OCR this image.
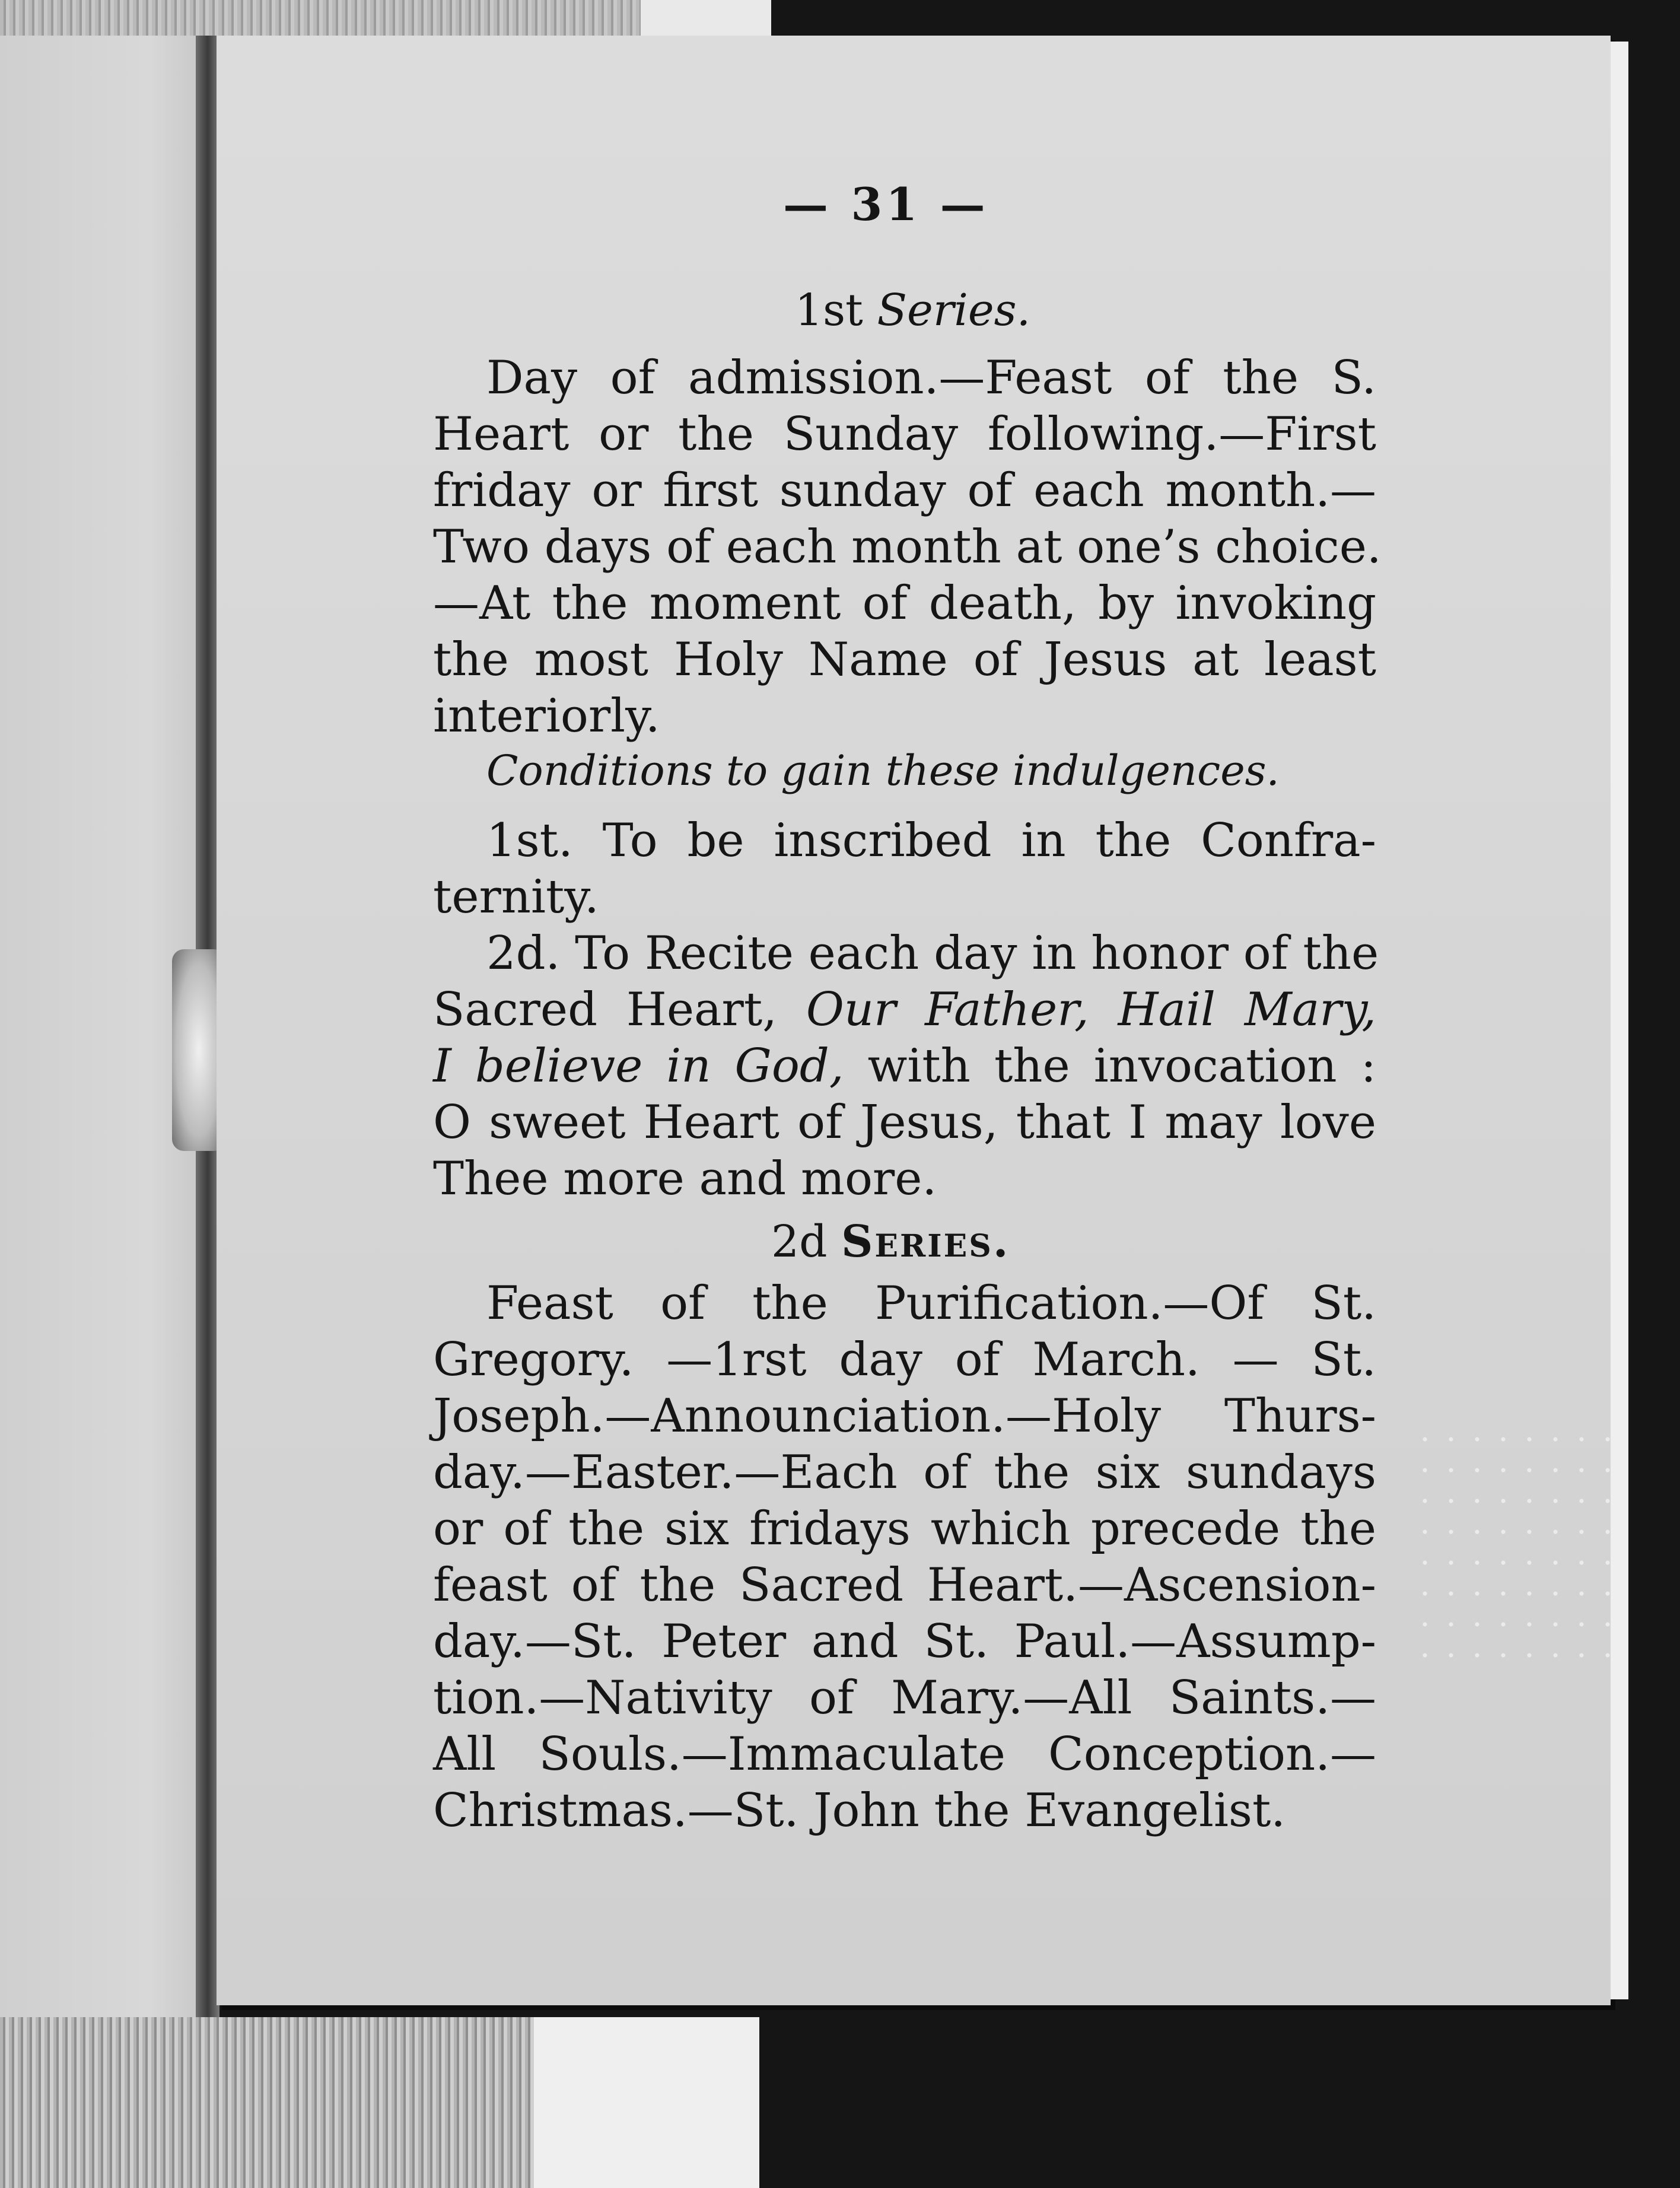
— 31 —
1st Series.
Day of admission.—Feast of the S.
Heart or the Sunday following.—First
friday or first sunday of each month.—
Two days of each month at one’s choice.
—At the moment of death, by invoking
the most Holy Name of Jesus at least
interiorly.
Conditions to gain these indulgences.
1st. To be inscribed in the Confra-
ternity.
2d. To Recite each day in honor of the
Sacred Heart, Our Father, Hail Mary,
I believe in God, with the invocation :
O sweet Heart of Jesus, that I may love
Thee more and more.
2d Series.
Feast of the Purification.—Of St.
Gregory. —1rst day of March. — St.
Joseph.—Announciation.—Holy Thurs-
day.—Easter.—Each of the six sundays
or of the six fridays which precede the
feast of the Sacred Heart.—Ascension-
day.—St. Peter and St. Paul.—Assump-
tion.—Nativity of Mary.—All Saints.—
All Souls.—Immaculate Conception.—
Christmas.—St. John the Evangelist.
